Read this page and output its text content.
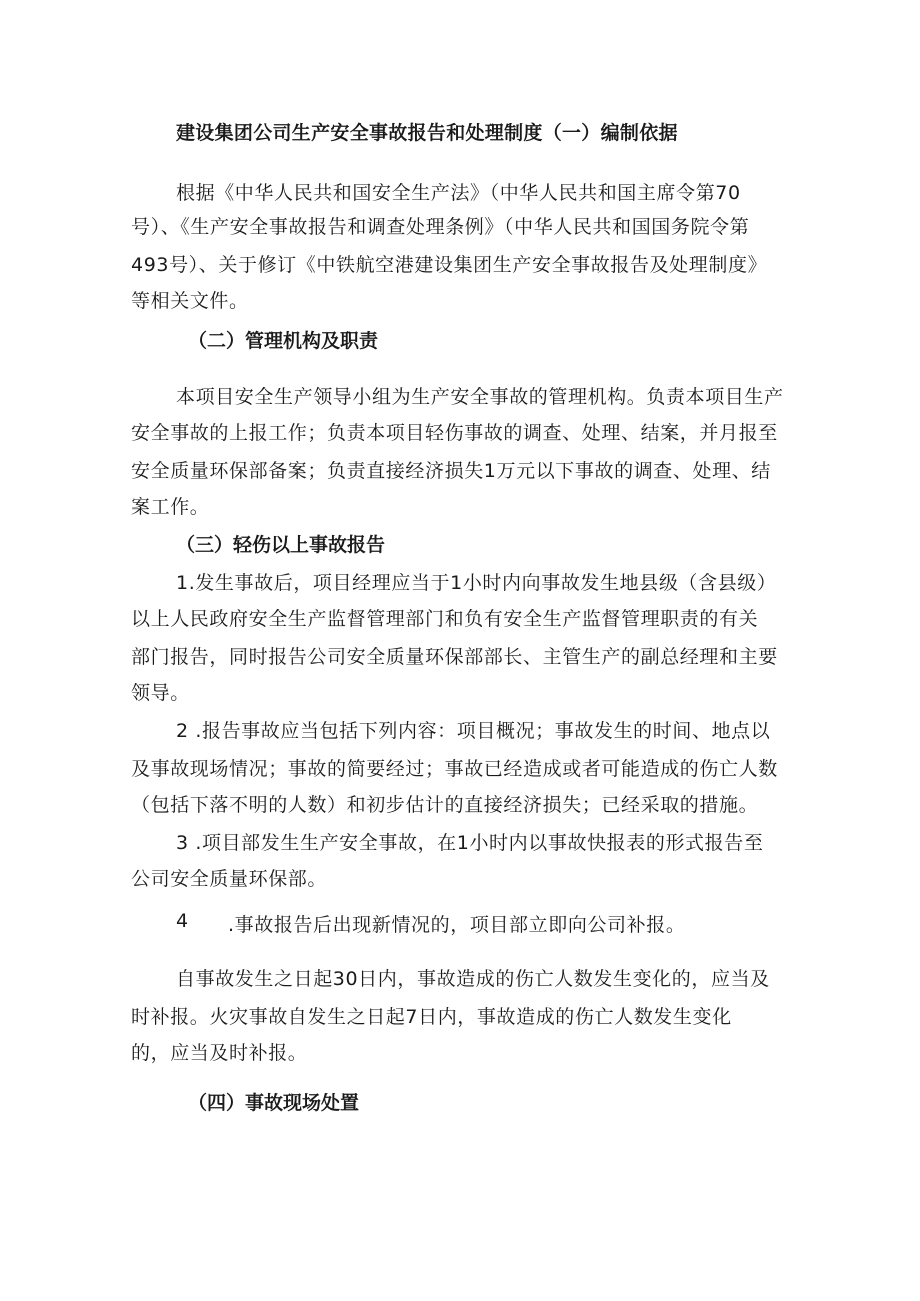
建设集团公司生产安全事故报告和处理制度（一）编制依据
根据《中华人民共和国安全生产法》（中华人民共和国主席令第70
号）、《生产安全事故报告和调查处理条例》（中华人民共和国国务院令第
493号）、关于修订《中铁航空港建设集团生产安全事故报告及处理制度》
等相关文件。
（二）管理机构及职责
本项目安全生产领导小组为生产安全事故的管理机构。负责本项目生产
安全事故的上报工作；负责本项目轻伤事故的调查、处理、结案，并月报至
安全质量环保部备案；负责直接经济损失1万元以下事故的调查、处理、结
案工作。
（三）轻伤以上事故报告
1.发生事故后，项目经理应当于1小时内向事故发生地县级（含县级）
以上人民政府安全生产监督管理部门和负有安全生产监督管理职责的有关
部门报告，同时报告公司安全质量环保部部长、主管生产的副总经理和主要
领导。
2 .报告事故应当包括下列内容：项目概况；事故发生的时间、地点以
及事故现场情况；事故的简要经过；事故已经造成或者可能造成的伤亡人数
（包括下落不明的人数）和初步估计的直接经济损失；已经采取的措施。
3 .项目部发生生产安全事故，在1小时内以事故快报表的形式报告至
公司安全质量环保部。
4 .事故报告后出现新情况的，项目部立即向公司补报。
自事故发生之日起30日内，事故造成的伤亡人数发生变化的，应当及
时补报。火灾事故自发生之日起7日内，事故造成的伤亡人数发生变化
的，应当及时补报。
（四）事故现场处置
